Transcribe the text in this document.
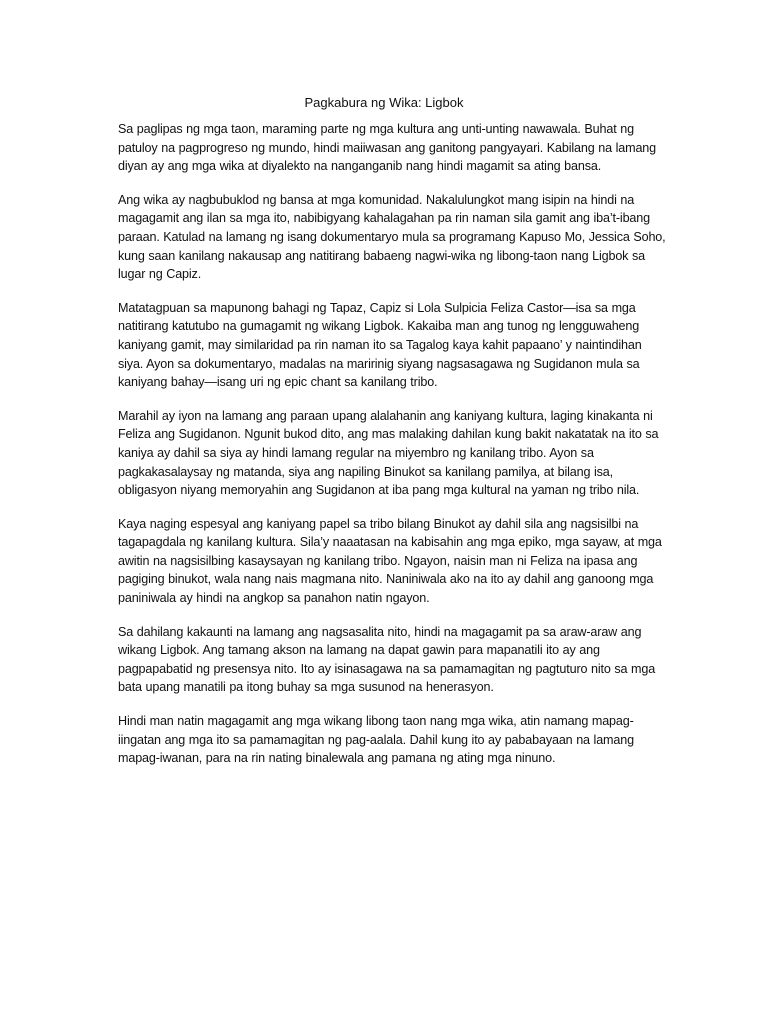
Pagkabura ng Wika: Ligbok

Sa paglipas ng mga taon, maraming parte ng mga kultura ang unti-unting nawawala. Buhat ng patuloy na pagprogreso ng mundo, hindi maiiwasan ang ganitong pangyayari. Kabilang na lamang diyan ay ang mga wika at diyalekto na nanganganib nang hindi magamit sa ating bansa.

Ang wika ay nagbubuklod ng bansa at mga komunidad. Nakalulungkot mang isipin na hindi na magagamit ang ilan sa mga ito, nabibigyang kahalagahan pa rin naman sila gamit ang iba’t-ibang paraan. Katulad na lamang ng isang dokumentaryo mula sa programang Kapuso Mo, Jessica Soho, kung saan kanilang nakausap ang natitirang babaeng nagwi-wika ng libong-taon nang Ligbok sa lugar ng Capiz.

Matatagpuan sa mapunong bahagi ng Tapaz, Capiz si Lola Sulpicia Feliza Castor—isa sa mga natitirang katutubo na gumagamit ng wikang Ligbok. Kakaiba man ang tunog ng lengguwaheng kaniyang gamit, may similaridad pa rin naman ito sa Tagalog kaya kahit papaano’ y naintindihan siya. Ayon sa dokumentaryo, madalas na maririnig siyang nagsasagawa ng Sugidanon mula sa kaniyang bahay—isang uri ng epic chant sa kanilang tribo.

Marahil ay iyon na lamang ang paraan upang alalahanin ang kaniyang kultura, laging kinakanta ni Feliza ang Sugidanon. Ngunit bukod dito, ang mas malaking dahilan kung bakit nakatatak na ito sa kaniya ay dahil sa siya ay hindi lamang regular na miyembro ng kanilang tribo. Ayon sa pagkakasalaysay ng matanda, siya ang napiling Binukot sa kanilang pamilya, at bilang isa, obligasyon niyang memoryahin ang Sugidanon at iba pang mga kultural na yaman ng tribo nila.

Kaya naging espesyal ang kaniyang papel sa tribo bilang Binukot ay dahil sila ang nagsisilbi na tagapagdala ng kanilang kultura. Sila’y naaatasan na kabisahin ang mga epiko, mga sayaw, at mga awitin na nagsisilbing kasaysayan ng kanilang tribo. Ngayon, naisin man ni Feliza na ipasa ang pagiging binukot, wala nang nais magmana nito. Naniniwala ako na ito ay dahil ang ganoong mga paniniwala ay hindi na angkop sa panahon natin ngayon.

Sa dahilang kakaunti na lamang ang nagsasalita nito, hindi na magagamit pa sa araw-araw ang wikang Ligbok. Ang tamang akson na lamang na dapat gawin para mapanatili ito ay ang pagpapabatid ng presensya nito. Ito ay isinasagawa na sa pamamagitan ng pagtuturo nito sa mga bata upang manatili pa itong buhay sa mga susunod na henerasyon.

Hindi man natin magagamit ang mga wikang libong taon nang mga wika, atin namang mapag-iingatan ang mga ito sa pamamagitan ng pag-aalala. Dahil kung ito ay pababayaan na lamang mapag-iwanan, para na rin nating binalewala ang pamana ng ating mga ninuno.
